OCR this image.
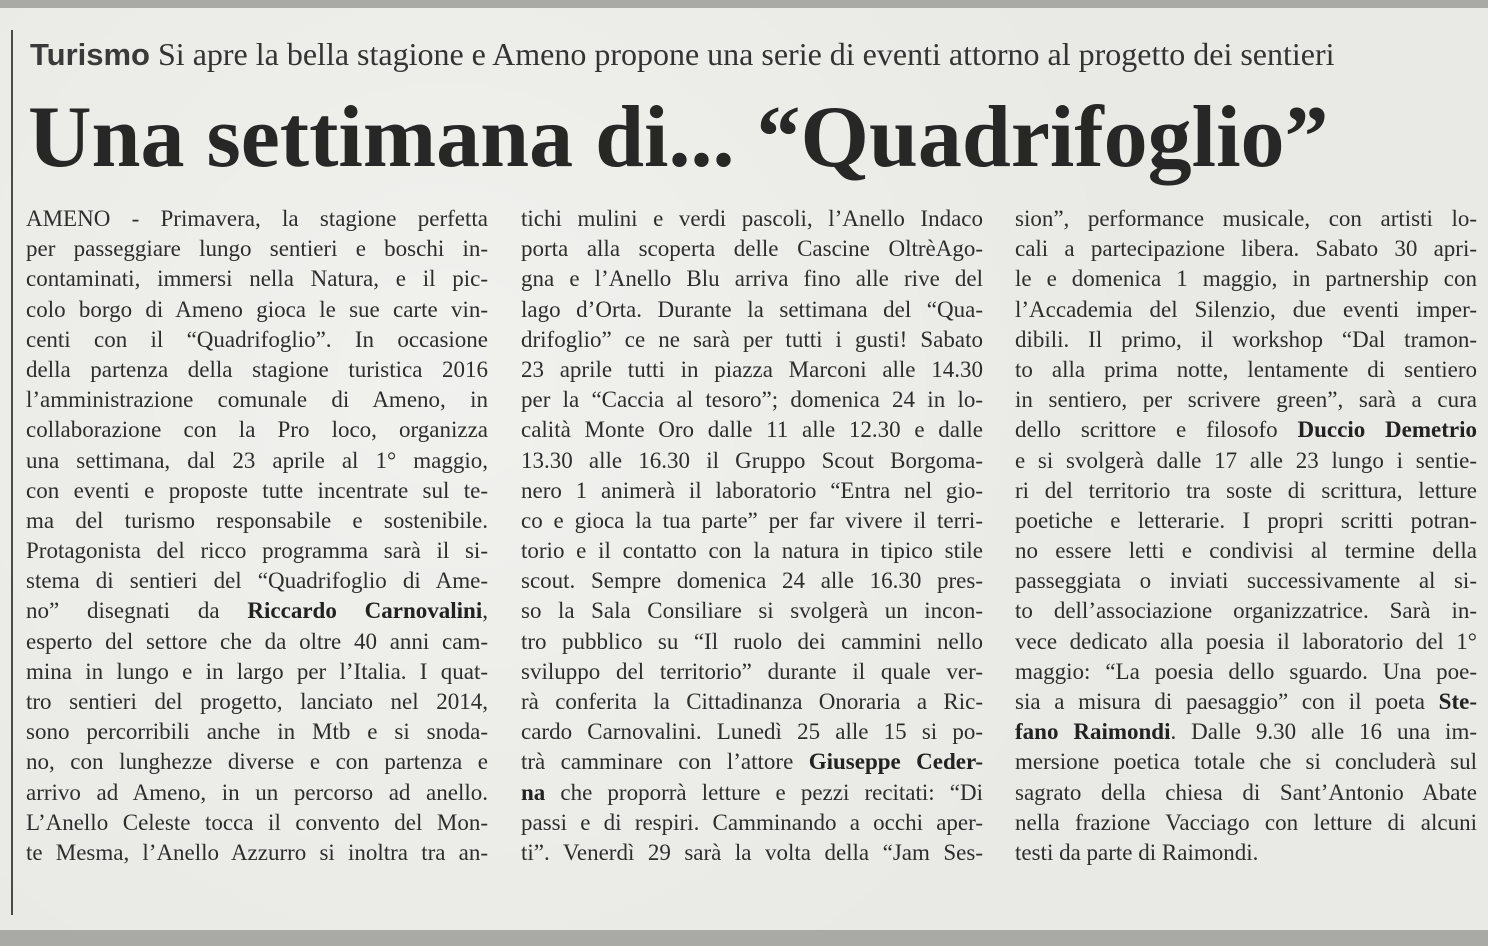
Turismo Si apre la bella stagione e Ameno propone una serie di eventi attorno al progetto dei sentieri
Una settimana di... “Quadrifoglio”
AMENO - Primavera, la stagione perfetta
per passeggiare lungo sentieri e boschi in-
contaminati, immersi nella Natura, e il pic-
colo borgo di Ameno gioca le sue carte vin-
centi con il “Quadrifoglio”. In occasione
della partenza della stagione turistica 2016
l’amministrazione comunale di Ameno, in
collaborazione con la Pro loco, organizza
una settimana, dal 23 aprile al 1° maggio,
con eventi e proposte tutte incentrate sul te-
ma del turismo responsabile e sostenibile.
Protagonista del ricco programma sarà il si-
stema di sentieri del “Quadrifoglio di Ame-
no” disegnati da Riccardo Carnovalini,
esperto del settore che da oltre 40 anni cam-
mina in lungo e in largo per l’Italia. I quat-
tro sentieri del progetto, lanciato nel 2014,
sono percorribili anche in Mtb e si snoda-
no, con lunghezze diverse e con partenza e
arrivo ad Ameno, in un percorso ad anello.
L’Anello Celeste tocca il convento del Mon-
te Mesma, l’Anello Azzurro si inoltra tra an-
tichi mulini e verdi pascoli, l’Anello Indaco
porta alla scoperta delle Cascine OltrèAgo-
gna e l’Anello Blu arriva fino alle rive del
lago d’Orta. Durante la settimana del “Qua-
drifoglio” ce ne sarà per tutti i gusti! Sabato
23 aprile tutti in piazza Marconi alle 14.30
per la “Caccia al tesoro”; domenica 24 in lo-
calità Monte Oro dalle 11 alle 12.30 e dalle
13.30 alle 16.30 il Gruppo Scout Borgoma-
nero 1 animerà il laboratorio “Entra nel gio-
co e gioca la tua parte” per far vivere il terri-
torio e il contatto con la natura in tipico stile
scout. Sempre domenica 24 alle 16.30 pres-
so la Sala Consiliare si svolgerà un incon-
tro pubblico su “Il ruolo dei cammini nello
sviluppo del territorio” durante il quale ver-
rà conferita la Cittadinanza Onoraria a Ric-
cardo Carnovalini. Lunedì 25 alle 15 si po-
trà camminare con l’attore Giuseppe Ceder-
na che proporrà letture e pezzi recitati: “Di
passi e di respiri. Camminando a occhi aper-
ti”. Venerdì 29 sarà la volta della “Jam Ses-
sion”, performance musicale, con artisti lo-
cali a partecipazione libera. Sabato 30 apri-
le e domenica 1 maggio, in partnership con
l’Accademia del Silenzio, due eventi imper-
dibili. Il primo, il workshop “Dal tramon-
to alla prima notte, lentamente di sentiero
in sentiero, per scrivere green”, sarà a cura
dello scrittore e filosofo Duccio Demetrio
e si svolgerà dalle 17 alle 23 lungo i sentie-
ri del territorio tra soste di scrittura, letture
poetiche e letterarie. I propri scritti potran-
no essere letti e condivisi al termine della
passeggiata o inviati successivamente al si-
to dell’associazione organizzatrice. Sarà in-
vece dedicato alla poesia il laboratorio del 1°
maggio: “La poesia dello sguardo. Una poe-
sia a misura di paesaggio” con il poeta Ste-
fano Raimondi. Dalle 9.30 alle 16 una im-
mersione poetica totale che si concluderà sul
sagrato della chiesa di Sant’Antonio Abate
nella frazione Vacciago con letture di alcuni
testi da parte di Raimondi.
